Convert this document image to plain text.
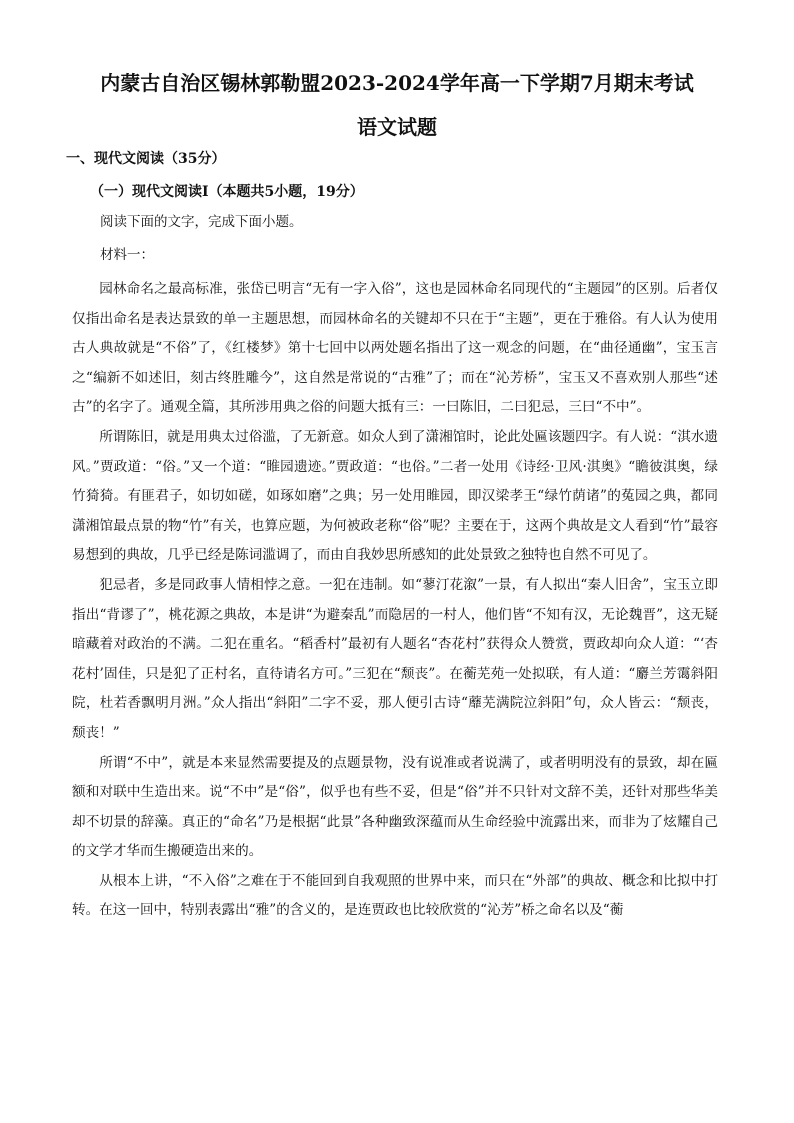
内蒙古自治区锡林郭勒盟2023-2024学年高一下学期7月期末考试
语文试题
一、现代文阅读（35分）
（一）现代文阅读Ⅰ（本题共5小题，19分）
阅读下面的文字，完成下面小题。
材料一：

园林命名之最高标准，张岱已明言“无有一字入俗”，这也是园林命名同现代的“主题园”的区别。后者仅仅指出命名是表达景致的单一主题思想，而园林命名的关键却不只在于“主题”，更在于雅俗。有人认为使用古人典故就是“不俗”了，《红楼梦》第十七回中以两处题名指出了这一观念的问题，在“曲径通幽”，宝玉言之“编新不如述旧，刻古终胜雕今”，这自然是常说的“古雅”了；而在“沁芳桥”，宝玉又不喜欢别人那些“述古”的名字了。通观全篇，其所涉用典之俗的问题大抵有三：一曰陈旧，二曰犯忌，三曰“不中”。

所谓陈旧，就是用典太过俗滥，了无新意。如众人到了潇湘馆时，论此处匾该题四字。有人说：“淇水遗风。”贾政道：“俗。”又一个道：“睢园遗迹。”贾政道：“也俗。”二者一处用《诗经·卫风·淇奥》“瞻彼淇奥，绿竹猗猗。有匪君子，如切如磋，如琢如磨”之典；另一处用睢园，即汉梁孝王“绿竹荫诸”的菟园之典，都同潇湘馆最点景的物“竹”有关，也算应题，为何被政老称“俗”呢？主要在于，这两个典故是文人看到“竹”最容易想到的典故，几乎已经是陈词滥调了，而由自我妙思所感知的此处景致之独特也自然不可见了。

犯忌者，多是同政事人情相悖之意。一犯在违制。如“蓼汀花溆”一景，有人拟出“秦人旧舍”，宝玉立即指出“背谬了”，桃花源之典故，本是讲“为避秦乱”而隐居的一村人，他们皆“不知有汉，无论魏晋”，这无疑暗藏着对政治的不满。二犯在重名。“稻香村”最初有人题名“杏花村”获得众人赞赏，贾政却向众人道：“‘杏花村’固佳，只是犯了正村名，直待请名方可。”三犯在“颓丧”。在蘅芜苑一处拟联，有人道：“麝兰芳霭斜阳院，杜若香飘明月洲。”众人指出“斜阳”二字不妥，那人便引古诗“蘼芜满院泣斜阳”句，众人皆云：“颓丧，颓丧！”

所谓“不中”，就是本来显然需要提及的点题景物，没有说准或者说满了，或者明明没有的景致，却在匾额和对联中生造出来。说“不中”是“俗”，似乎也有些不妥，但是“俗”并不只针对文辞不美，还针对那些华美却不切景的辞藻。真正的“命名”乃是根据“此景”各种幽致深蕴而从生命经验中流露出来，而非为了炫耀自己的文学才华而生搬硬造出来的。

从根本上讲，“不入俗”之难在于不能回到自我观照的世界中来，而只在“外部”的典故、概念和比拟中打转。在这一回中，特别表露出“雅”的含义的，是连贾政也比较欣赏的“沁芳”桥之命名以及“蘅
